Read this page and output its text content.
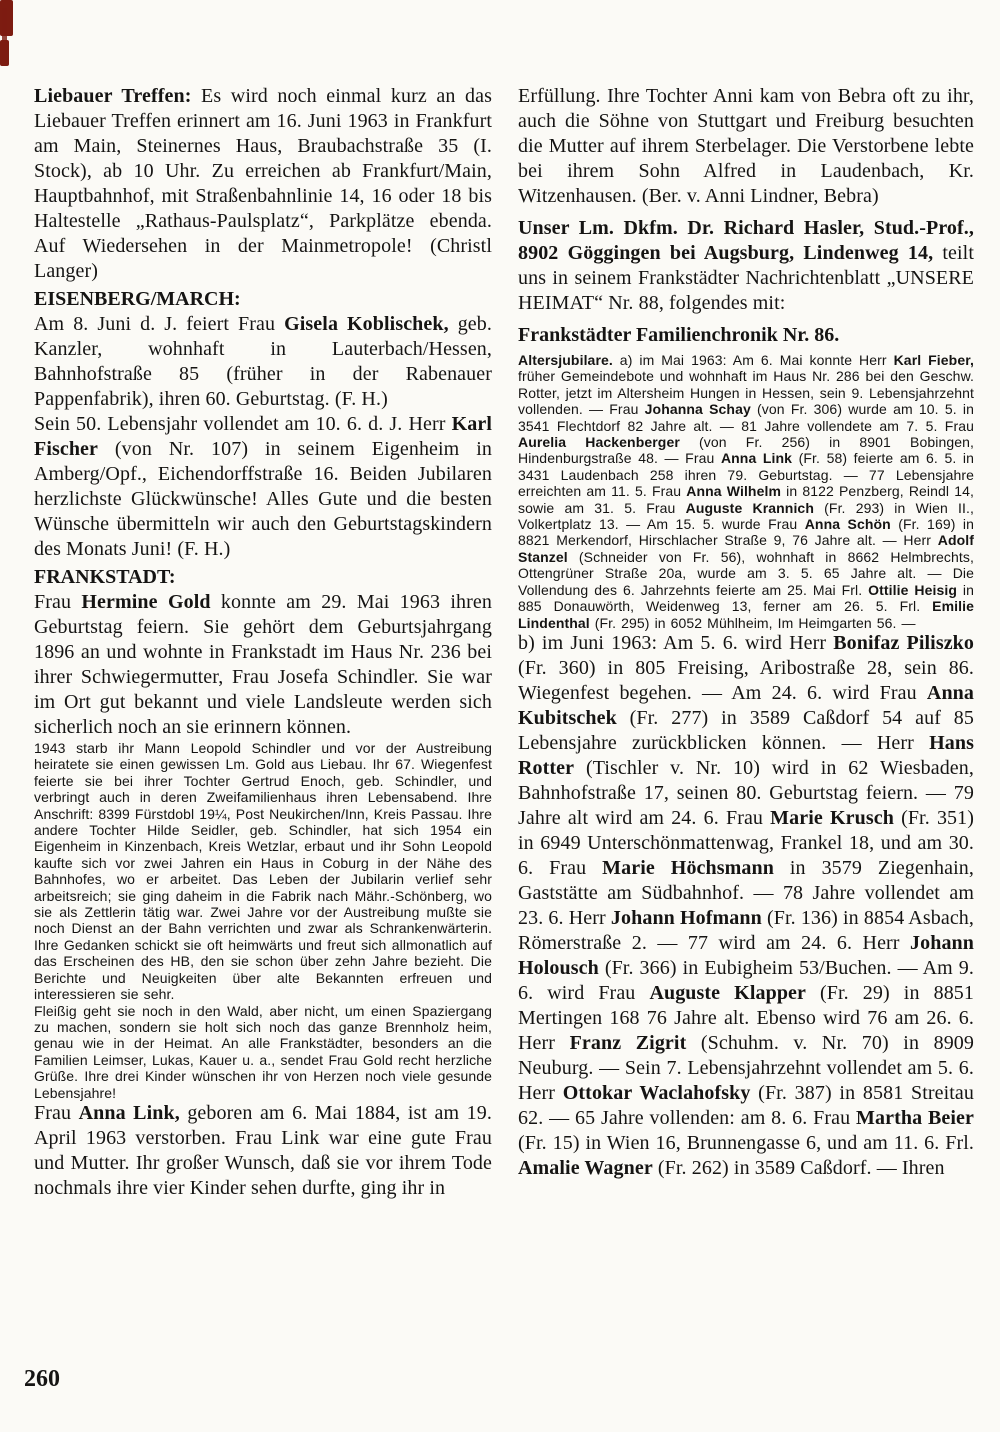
Liebauer Treffen: Es wird noch einmal kurz an das Liebauer Treffen erinnert am 16. Juni 1963 in Frankfurt am Main, Steinernes Haus, Braubachstraße 35 (I. Stock), ab 10 Uhr. Zu erreichen ab Frankfurt/Main, Hauptbahnhof, mit Straßenbahnlinie 14, 16 oder 18 bis Haltestelle „Rathaus-Paulsplatz“, Parkplätze ebenda. Auf Wiedersehen in der Mainmetropole! (Christl Langer)

EISENBERG/MARCH:

Am 8. Juni d. J. feiert Frau Gisela Koblischek, geb. Kanzler, wohnhaft in Lauterbach/Hessen, Bahnhofstraße 85 (früher in der Rabenauer Pappenfabrik), ihren 60. Geburtstag. (F. H.)

Sein 50. Lebensjahr vollendet am 10. 6. d. J. Herr Karl Fischer (von Nr. 107) in seinem Eigenheim in Amberg/Opf., Eichendorffstraße 16. Beiden Jubilaren herzlichste Glückwünsche! Alles Gute und die besten Wünsche übermitteln wir auch den Geburtstagskindern des Monats Juni! (F. H.)

FRANKSTADT:

Frau Hermine Gold konnte am 29. Mai 1963 ihren Geburtstag feiern. Sie gehört dem Geburtsjahrgang 1896 an und wohnte in Frankstadt im Haus Nr. 236 bei ihrer Schwiegermutter, Frau Josefa Schindler. Sie war im Ort gut bekannt und viele Landsleute werden sich sicherlich noch an sie erinnern können.

1943 starb ihr Mann Leopold Schindler und vor der Austreibung heiratete sie einen gewissen Lm. Gold aus Liebau. Ihr 67. Wiegenfest feierte sie bei ihrer Tochter Gertrud Enoch, geb. Schindler, und verbringt auch in deren Zweifamilienhaus ihren Lebensabend. Ihre Anschrift: 8399 Fürstdobl 19¼, Post Neukirchen/Inn, Kreis Passau. Ihre andere Tochter Hilde Seidler, geb. Schindler, hat sich 1954 ein Eigenheim in Kinzenbach, Kreis Wetzlar, erbaut und ihr Sohn Leopold kaufte sich vor zwei Jahren ein Haus in Coburg in der Nähe des Bahnhofes, wo er arbeitet. Das Leben der Jubilarin verlief sehr arbeitsreich; sie ging daheim in die Fabrik nach Mähr.-Schönberg, wo sie als Zettlerin tätig war. Zwei Jahre vor der Austreibung mußte sie noch Dienst an der Bahn verrichten und zwar als Schrankenwärterin. Ihre Gedanken schickt sie oft heimwärts und freut sich allmonatlich auf das Erscheinen des HB, den sie schon über zehn Jahre bezieht. Die Berichte und Neuigkeiten über alte Bekannten erfreuen und interessieren sie sehr.

Fleißig geht sie noch in den Wald, aber nicht, um einen Spaziergang zu machen, sondern sie holt sich noch das ganze Brennholz heim, genau wie in der Heimat. An alle Frankstädter, besonders an die Familien Leimser, Lukas, Kauer u. a., sendet Frau Gold recht herzliche Grüße. Ihre drei Kinder wünschen ihr von Herzen noch viele gesunde Lebensjahre!

Frau Anna Link, geboren am 6. Mai 1884, ist am 19. April 1963 verstorben. Frau Link war eine gute Frau und Mutter. Ihr großer Wunsch, daß sie vor ihrem Tode nochmals ihre vier Kinder sehen durfte, ging ihr in

Erfüllung. Ihre Tochter Anni kam von Bebra oft zu ihr, auch die Söhne von Stuttgart und Freiburg besuchten die Mutter auf ihrem Sterbelager. Die Verstorbene lebte bei ihrem Sohn Alfred in Laudenbach, Kr. Witzenhausen. (Ber. v. Anni Lindner, Bebra)

Unser Lm. Dkfm. Dr. Richard Hasler, Stud.-Prof., 8902 Göggingen bei Augsburg, Lindenweg 14, teilt uns in seinem Frankstädter Nachrichtenblatt „UNSERE HEIMAT“ Nr. 88, folgendes mit:

Frankstädter Familienchronik Nr. 86.

Altersjubilare. a) im Mai 1963: Am 6. Mai konnte Herr Karl Fieber, früher Gemeindebote und wohnhaft im Haus Nr. 286 bei den Geschw. Rotter, jetzt im Altersheim Hungen in Hessen, sein 9. Lebensjahrzehnt vollenden. — Frau Johanna Schay (von Fr. 306) wurde am 10. 5. in 3541 Flechtdorf 82 Jahre alt. — 81 Jahre vollendete am 7. 5. Frau Aurelia Hackenberger (von Fr. 256) in 8901 Bobingen, Hindenburgstraße 48. — Frau Anna Link (Fr. 58) feierte am 6. 5. in 3431 Laudenbach 258 ihren 79. Geburtstag. — 77 Lebensjahre erreichten am 11. 5. Frau Anna Wilhelm in 8122 Penzberg, Reindl 14, sowie am 31. 5. Frau Auguste Krannich (Fr. 293) in Wien II., Volkertplatz 13. — Am 15. 5. wurde Frau Anna Schön (Fr. 169) in 8821 Merkendorf, Hirschlacher Straße 9, 76 Jahre alt. — Herr Adolf Stanzel (Schneider von Fr. 56), wohnhaft in 8662 Helmbrechts, Ottengrüner Straße 20a, wurde am 3. 5. 65 Jahre alt. — Die Vollendung des 6. Jahrzehnts feierte am 25. Mai Frl. Ottilie Heisig in 885 Donauwörth, Weidenweg 13, ferner am 26. 5. Frl. Emilie Lindenthal (Fr. 295) in 6052 Mühlheim, Im Heimgarten 56. —

b) im Juni 1963: Am 5. 6. wird Herr Bonifaz Piliszko (Fr. 360) in 805 Freising, Aribostraße 28, sein 86. Wiegenfest begehen. — Am 24. 6. wird Frau Anna Kubitschek (Fr. 277) in 3589 Caßdorf 54 auf 85 Lebensjahre zurückblicken können. — Herr Hans Rotter (Tischler v. Nr. 10) wird in 62 Wiesbaden, Bahnhofstraße 17, seinen 80. Geburtstag feiern. — 79 Jahre alt wird am 24. 6. Frau Marie Krusch (Fr. 351) in 6949 Unterschönmattenwag, Frankel 18, und am 30. 6. Frau Marie Höchsmann in 3579 Ziegenhain, Gaststätte am Südbahnhof. — 78 Jahre vollendet am 23. 6. Herr Johann Hofmann (Fr. 136) in 8854 Asbach, Römerstraße 2. — 77 wird am 24. 6. Herr Johann Holousch (Fr. 366) in Eubigheim 53/Buchen. — Am 9. 6. wird Frau Auguste Klapper (Fr. 29) in 8851 Mertingen 168 76 Jahre alt. Ebenso wird 76 am 26. 6. Herr Franz Zigrit (Schuhm. v. Nr. 70) in 8909 Neuburg. — Sein 7. Lebensjahrzehnt vollendet am 5. 6. Herr Ottokar Waclahofsky (Fr. 387) in 8581 Streitau 62. — 65 Jahre vollenden: am 8. 6. Frau Martha Beier (Fr. 15) in Wien 16, Brunnengasse 6, und am 11. 6. Frl. Amalie Wagner (Fr. 262) in 3589 Caßdorf. — Ihren

260
